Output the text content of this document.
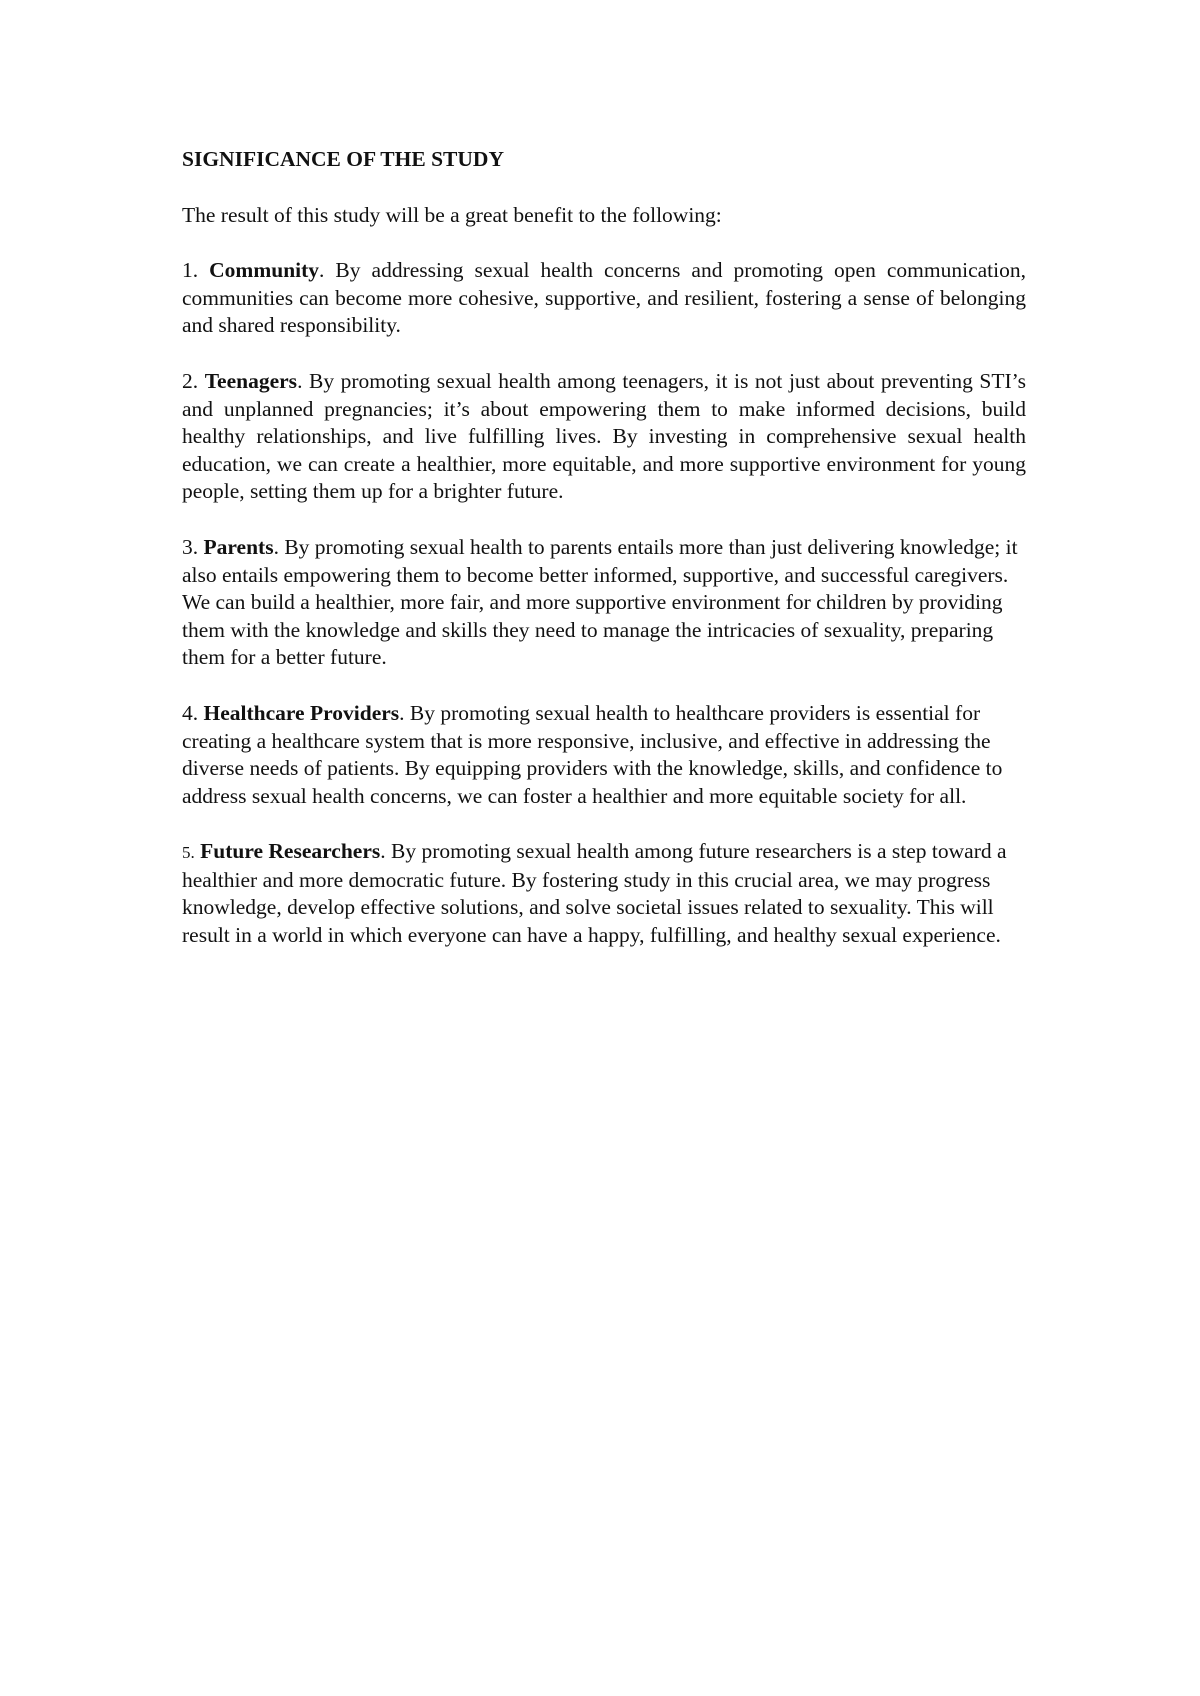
SIGNIFICANCE OF THE STUDY
The result of this study will be a great benefit to the following:
1. Community. By addressing sexual health concerns and promoting open communication, communities can become more cohesive, supportive, and resilient, fostering a sense of belonging and shared responsibility.
2. Teenagers. By promoting sexual health among teenagers, it is not just about preventing STI’s and unplanned pregnancies; it’s about empowering them to make informed decisions, build healthy relationships, and live fulfilling lives. By investing in comprehensive sexual health education, we can create a healthier, more equitable, and more supportive environment for young people, setting them up for a brighter future.
3. Parents. By promoting sexual health to parents entails more than just delivering knowledge; it also entails empowering them to become better informed, supportive, and successful caregivers. We can build a healthier, more fair, and more supportive environment for children by providing them with the knowledge and skills they need to manage the intricacies of sexuality, preparing them for a better future.
4. Healthcare Providers. By promoting sexual health to healthcare providers is essential for creating a healthcare system that is more responsive, inclusive, and effective in addressing the diverse needs of patients. By equipping providers with the knowledge, skills, and confidence to address sexual health concerns, we can foster a healthier and more equitable society for all.
5. Future Researchers. By promoting sexual health among future researchers is a step toward a healthier and more democratic future. By fostering study in this crucial area, we may progress knowledge, develop effective solutions, and solve societal issues related to sexuality. This will result in a world in which everyone can have a happy, fulfilling, and healthy sexual experience.
